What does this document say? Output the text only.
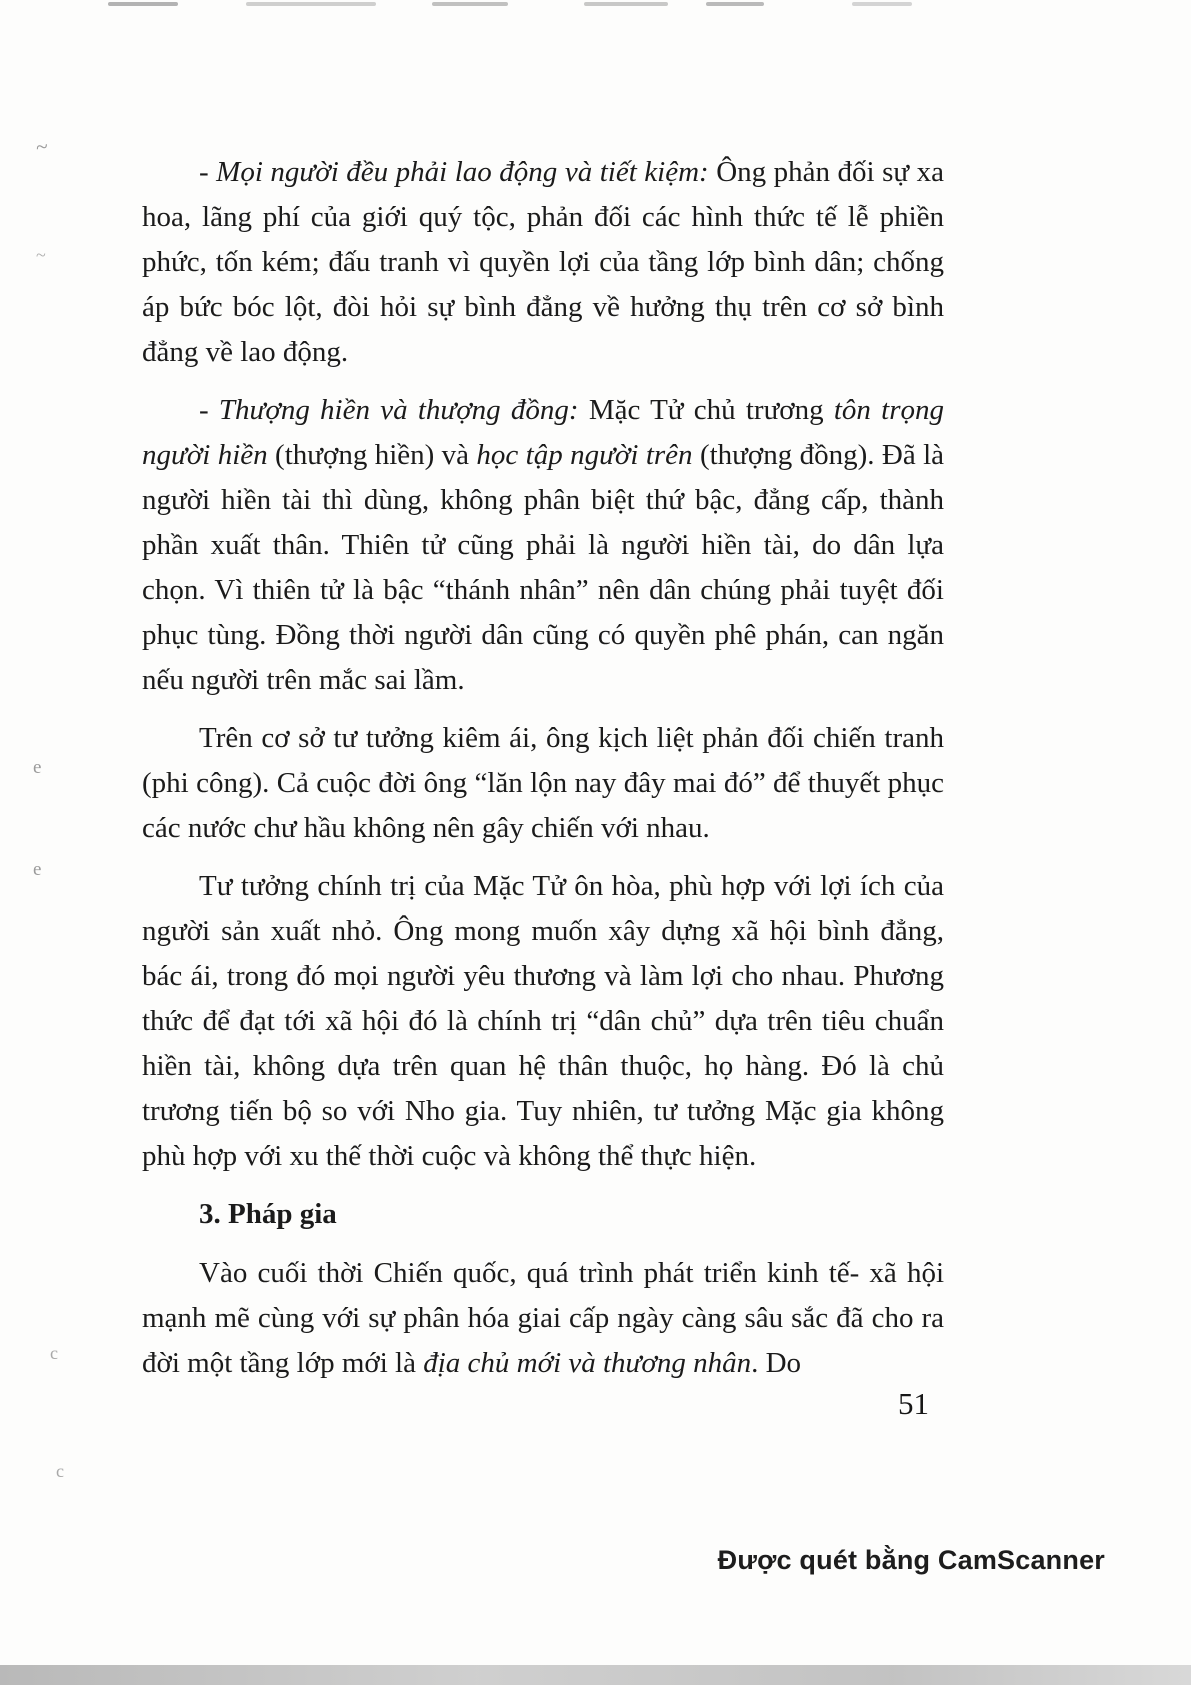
~
~
e
e
c
c

- Mọi người đều phải lao động và tiết kiệm: Ông phản đối sự xa hoa, lãng phí của giới quý tộc, phản đối các hình thức tế lễ phiền phức, tốn kém; đấu tranh vì quyền lợi của tầng lớp bình dân; chống áp bức bóc lột, đòi hỏi sự bình đẳng về hưởng thụ trên cơ sở bình đẳng về lao động.

- Thượng hiền và thượng đồng: Mặc Tử chủ trương tôn trọng người hiền (thượng hiền) và học tập người trên (thượng đồng). Đã là người hiền tài thì dùng, không phân biệt thứ bậc, đẳng cấp, thành phần xuất thân. Thiên tử cũng phải là người hiền tài, do dân lựa chọn. Vì thiên tử là bậc “thánh nhân” nên dân chúng phải tuyệt đối phục tùng. Đồng thời người dân cũng có quyền phê phán, can ngăn nếu người trên mắc sai lầm.

Trên cơ sở tư tưởng kiêm ái, ông kịch liệt phản đối chiến tranh (phi công). Cả cuộc đời ông “lăn lộn nay đây mai đó” để thuyết phục các nước chư hầu không nên gây chiến với nhau.

Tư tưởng chính trị của Mặc Tử ôn hòa, phù hợp với lợi ích của người sản xuất nhỏ. Ông mong muốn xây dựng xã hội bình đẳng, bác ái, trong đó mọi người yêu thương và làm lợi cho nhau. Phương thức để đạt tới xã hội đó là chính trị “dân chủ” dựa trên tiêu chuẩn hiền tài, không dựa trên quan hệ thân thuộc, họ hàng. Đó là chủ trương tiến bộ so với Nho gia. Tuy nhiên, tư tưởng Mặc gia không phù hợp với xu thế thời cuộc và không thể thực hiện.

3. Pháp gia

Vào cuối thời Chiến quốc, quá trình phát triển kinh tế- xã hội mạnh mẽ cùng với sự phân hóa giai cấp ngày càng sâu sắc đã cho ra đời một tầng lớp mới là địa chủ mới và thương nhân. Do

51
Được quét bằng CamScanner
